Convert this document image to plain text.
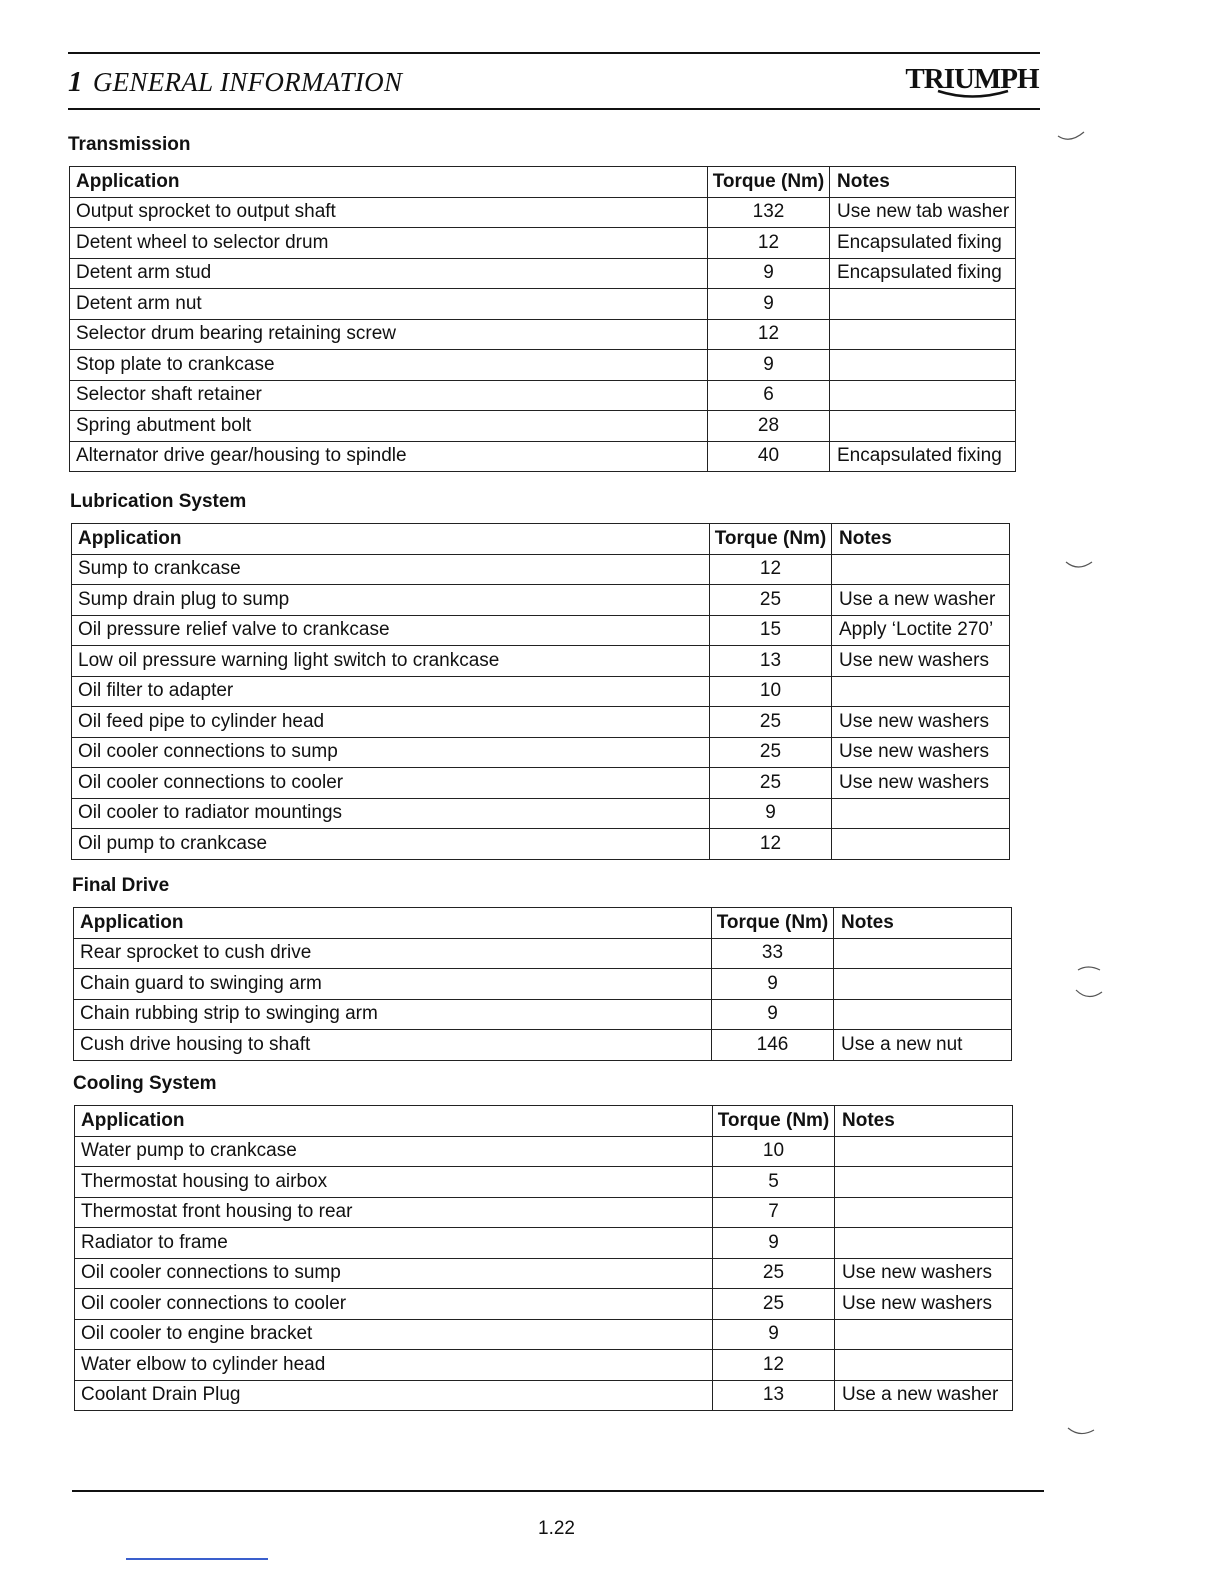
1 GENERAL INFORMATION	TRIUMPH
Transmission
Application	Torque (Nm)	Notes
Output sprocket to output shaft	132	Use new tab washer
Detent wheel to selector drum	12	Encapsulated fixing
Detent arm stud	9	Encapsulated fixing
Detent arm nut	9	
Selector drum bearing retaining screw	12	
Stop plate to crankcase	9	
Selector shaft retainer	6	
Spring abutment bolt	28	
Alternator drive gear/housing to spindle	40	Encapsulated fixing
Lubrication System
Application	Torque (Nm)	Notes
Sump to crankcase	12	
Sump drain plug to sump	25	Use a new washer
Oil pressure relief valve to crankcase	15	Apply ‘Loctite 270’
Low oil pressure warning light switch to crankcase	13	Use new washers
Oil filter to adapter	10	
Oil feed pipe to cylinder head	25	Use new washers
Oil cooler connections to sump	25	Use new washers
Oil cooler connections to cooler	25	Use new washers
Oil cooler to radiator mountings	9	
Oil pump to crankcase	12	
Final Drive
Application	Torque (Nm)	Notes
Rear sprocket to cush drive	33	
Chain guard to swinging arm	9	
Chain rubbing strip to swinging arm	9	
Cush drive housing to shaft	146	Use a new nut
Cooling System
Application	Torque (Nm)	Notes
Water pump to crankcase	10	
Thermostat housing to airbox	5	
Thermostat front housing to rear	7	
Radiator to frame	9	
Oil cooler connections to sump	25	Use new washers
Oil cooler connections to cooler	25	Use new washers
Oil cooler to engine bracket	9	
Water elbow to cylinder head	12	
Coolant Drain Plug	13	Use a new washer
1.22
